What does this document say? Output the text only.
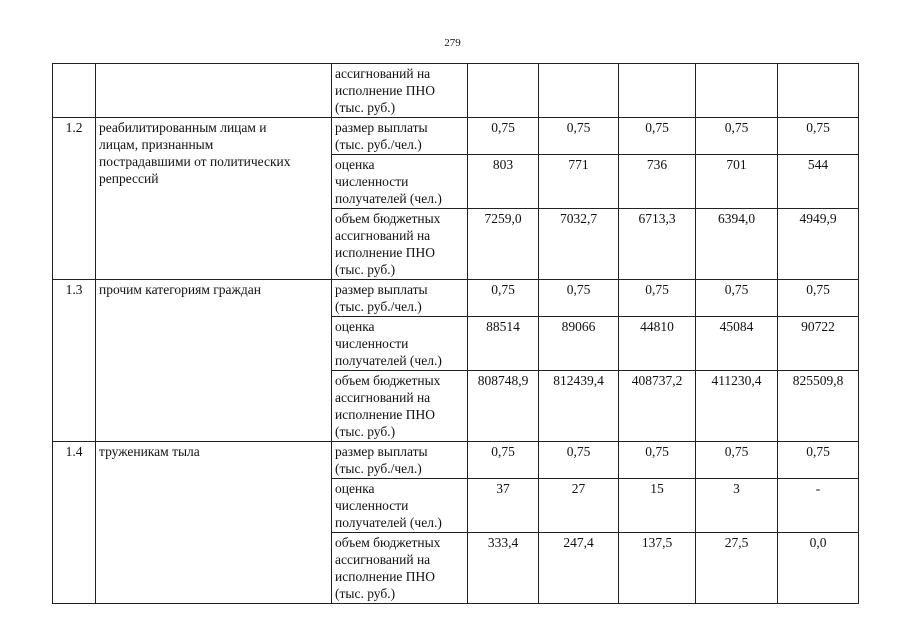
279
		ассигнований на
исполнение ПНО
(тыс. руб.)					
1.2	реабилитированным лицам и
лицам, признанным
пострадавшими от политических
репрессий	размер выплаты
(тыс. руб./чел.)	0,75	0,75	0,75	0,75	0,75
		оценка
численности
получателей (чел.)	803	771	736	701	544
		объем бюджетных
ассигнований на
исполнение ПНО
(тыс. руб.)	7259,0	7032,7	6713,3	6394,0	4949,9
1.3	прочим категориям граждан	размер выплаты
(тыс. руб./чел.)	0,75	0,75	0,75	0,75	0,75
		оценка
численности
получателей (чел.)	88514	89066	44810	45084	90722
		объем бюджетных
ассигнований на
исполнение ПНО
(тыс. руб.)	808748,9	812439,4	408737,2	411230,4	825509,8
1.4	труженикам тыла	размер выплаты
(тыс. руб./чел.)	0,75	0,75	0,75	0,75	0,75
		оценка
численности
получателей (чел.)	37	27	15	3	-
		объем бюджетных
ассигнований на
исполнение ПНО
(тыс. руб.)	333,4	247,4	137,5	27,5	0,0
